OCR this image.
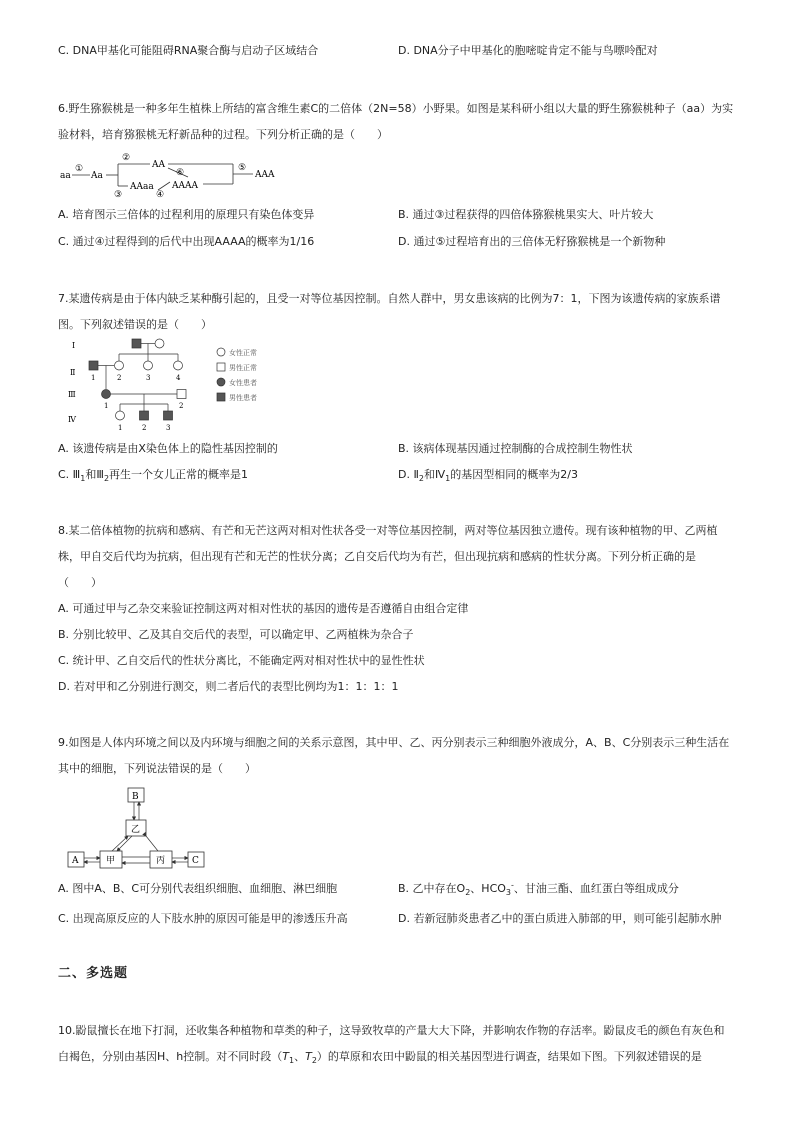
C. DNA甲基化可能阻碍RNA聚合酶与启动子区域结合	D. DNA分子中甲基化的胞嘧啶肯定不能与鸟嘌呤配对
6.野生猕猴桃是一种多年生植株上所结的富含维生素C的二倍体（2N=58）小野果。如图是某科研小组以大量的野生猕猴桃种子（aa）为实
验材料，培育猕猴桃无籽新品种的过程。下列分析正确的是（　　）
aa
①
Aa
②
AA
⑥
③
AAaa
④
AAAA
⑤
AAA
A. 培育图示三倍体的过程利用的原理只有染色体变异	B. 通过③过程获得的四倍体猕猴桃果实大、叶片较大
C. 通过④过程得到的后代中出现AAAA的概率为1/16	D. 通过⑤过程培育出的三倍体无籽猕猴桃是一个新物种
7.某遗传病是由于体内缺乏某种酶引起的，且受一对等位基因控制。自然人群中，男女患该病的比例为7：1，下图为该遗传病的家族系谱
图。下列叙述错误的是（　　）
Ⅰ
Ⅱ
Ⅲ
Ⅳ
1	2	3	4
1	2
1	2	3
女性正常
男性正常
女性患者
男性患者
A. 该遗传病是由X染色体上的隐性基因控制的	B. 该病体现基因通过控制酶的合成控制生物性状
C. $Ⅲ_1$和$Ⅲ_2$再生一个女儿正常的概率是1	D. $Ⅱ_2$和$Ⅳ_1$的基因型相同的概率为2/3
8.某二倍体植物的抗病和感病、有芒和无芒这两对相对性状各受一对等位基因控制，两对等位基因独立遗传。现有该种植物的甲、乙两植
株，甲自交后代均为抗病，但出现有芒和无芒的性状分离；乙自交后代均为有芒，但出现抗病和感病的性状分离。下列分析正确的是
（　　）
A. 可通过甲与乙杂交来验证控制这两对相对性状的基因的遗传是否遵循自由组合定律
B. 分别比较甲、乙及其自交后代的表型，可以确定甲、乙两植株为杂合子
C. 统计甲、乙自交后代的性状分离比，不能确定两对相对性状中的显性性状
D. 若对甲和乙分别进行测交，则二者后代的表型比例均为1：1：1：1
9.如图是人体内环境之间以及内环境与细胞之间的关系示意图，其中甲、乙、丙分别表示三种细胞外液成分，A、B、C分别表示三种生活在
其中的细胞，下列说法错误的是（　　）
B
乙
A	甲	丙	C
A. 图中A、B、C可分别代表组织细胞、血细胞、淋巴细胞	B. 乙中存在$O_2$、$HCO_3^-$、甘油三酯、血红蛋白等组成成分
C. 出现高原反应的人下肢水肿的原因可能是甲的渗透压升高	D. 若新冠肺炎患者乙中的蛋白质进入肺部的甲，则可能引起肺水肿
二、多选题
10.鼢鼠擅长在地下打洞，还收集各种植物和草类的种子，这导致牧草的产量大大下降，并影响农作物的存活率。鼢鼠皮毛的颜色有灰色和
白褐色，分别由基因H、h控制。对不同时段（$T_1$、$T_2$）的草原和农田中鼢鼠的相关基因型进行调查，结果如下图。下列叙述错误的是
